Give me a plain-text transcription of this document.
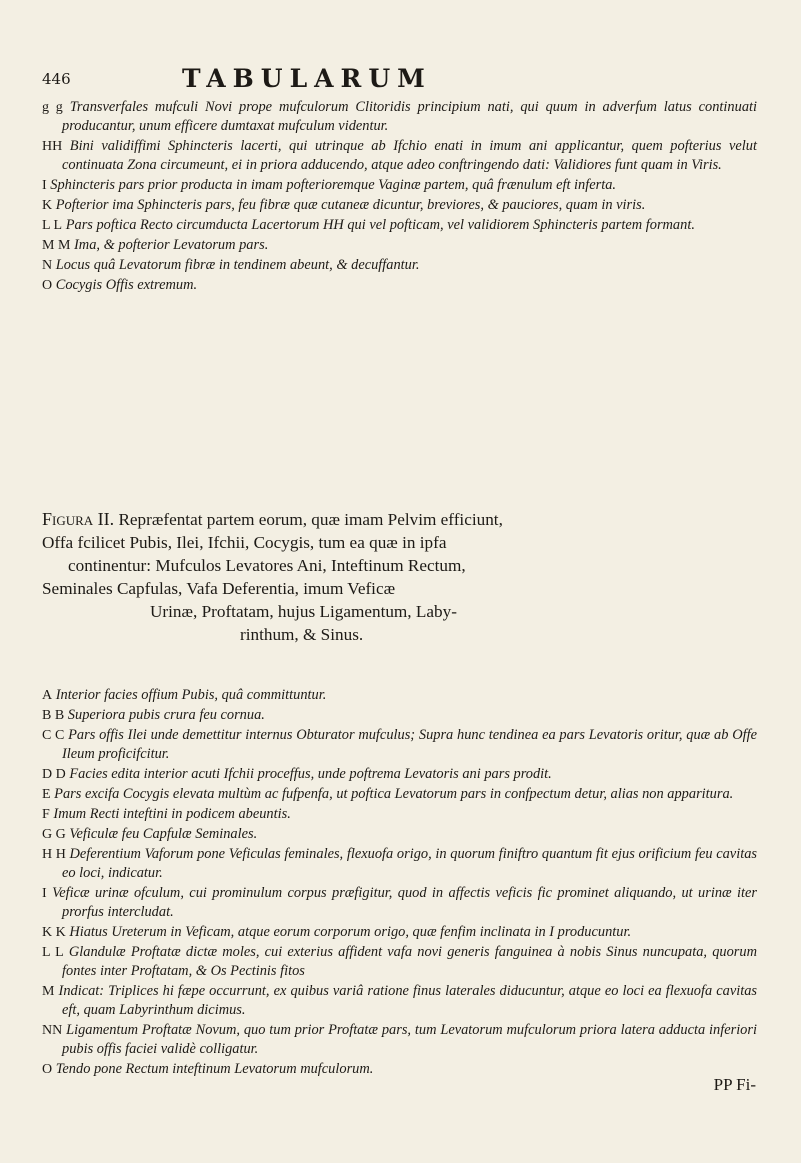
446	TABULARUM

g g Transverfales mufculi Novi prope mufculorum Clitoridis principium nati, qui quum in adverfum latus continuati producantur, unum efficere dumtaxat mufculum videntur.

HH Bini validiffimi Sphincteris lacerti, qui utrinque ab Ifchio enati in imum ani applicantur, quem pofterius velut continuata Zona circumeunt, ei in priora adducendo, atque adeo conftringendo dati: Validiores funt quam in Viris.

I Sphincteris pars prior producta in imam pofterioremque Vaginæ partem, quâ frænulum eft inferta.

K Pofterior ima Sphincteris pars, feu fibræ quæ cutaneæ dicuntur, breviores, & pauciores, quam in viris.

L L Pars poftica Recto circumducta Lacertorum HH qui vel pofticam, vel validiorem Sphincteris partem formant.

M M Ima, & pofterior Levatorum pars.

N Locus quâ Levatorum fibræ in tendinem abeunt, & decuffantur.

O Cocygis Offis extremum.

Figura II. Repræfentat partem eorum, quæ imam Pelvim efficiunt,

Offa fcilicet Pubis, Ilei, Ifchii, Cocygis, tum ea quæ in ipfa

continentur: Mufculos Levatores Ani, Inteftinum Rectum,

Seminales Capfulas, Vafa Deferentia, imum Veficæ

Urinæ, Proftatam, hujus Ligamentum, Laby-

rinthum, & Sinus.

A Interior facies offium Pubis, quâ committuntur.

B B Superiora pubis crura feu cornua.

C C Pars offis Ilei unde demettitur internus Obturator mufculus; Supra hunc tendinea ea pars Levatoris oritur, quæ ab Offe Ileum proficifcitur.

D D Facies edita interior acuti Ifchii proceffus, unde poftrema Levatoris ani pars prodit.

E Pars excifa Cocygis elevata multùm ac fufpenfa, ut poftica Levatorum pars in confpectum detur, alias non apparitura.

F Imum Recti inteftini in podicem abeuntis.

G G Veficulæ feu Capfulæ Seminales.

H H Deferentium Vaforum pone Veficulas feminales, flexuofa origo, in quorum finiftro quantum fit ejus orificium feu cavitas eo loci, indicatur.

I Veficæ urinæ ofculum, cui prominulum corpus præfigitur, quod in affectis veficis fic prominet aliquando, ut urinæ iter prorfus intercludat.

K K Hiatus Ureterum in Veficam, atque eorum corporum origo, quæ fenfim inclinata in I producuntur.

L L Glandulæ Proftatæ dictæ moles, cui exterius affident vafa novi generis fanguinea à nobis Sinus nuncupata, quorum fontes inter Proftatam, & Os Pectinis fitos

M Indicat: Triplices hi fæpe occurrunt, ex quibus variâ ratione finus laterales diducuntur, atque eo loci ea flexuofa cavitas eft, quam Labyrinthum dicimus.

NN Ligamentum Proftatæ Novum, quo tum prior Proftatæ pars, tum Levatorum mufculorum priora latera adducta inferiori pubis offis faciei validè colligatur.

O Tendo pone Rectum inteftinum Levatorum mufculorum.

PP Fi-
